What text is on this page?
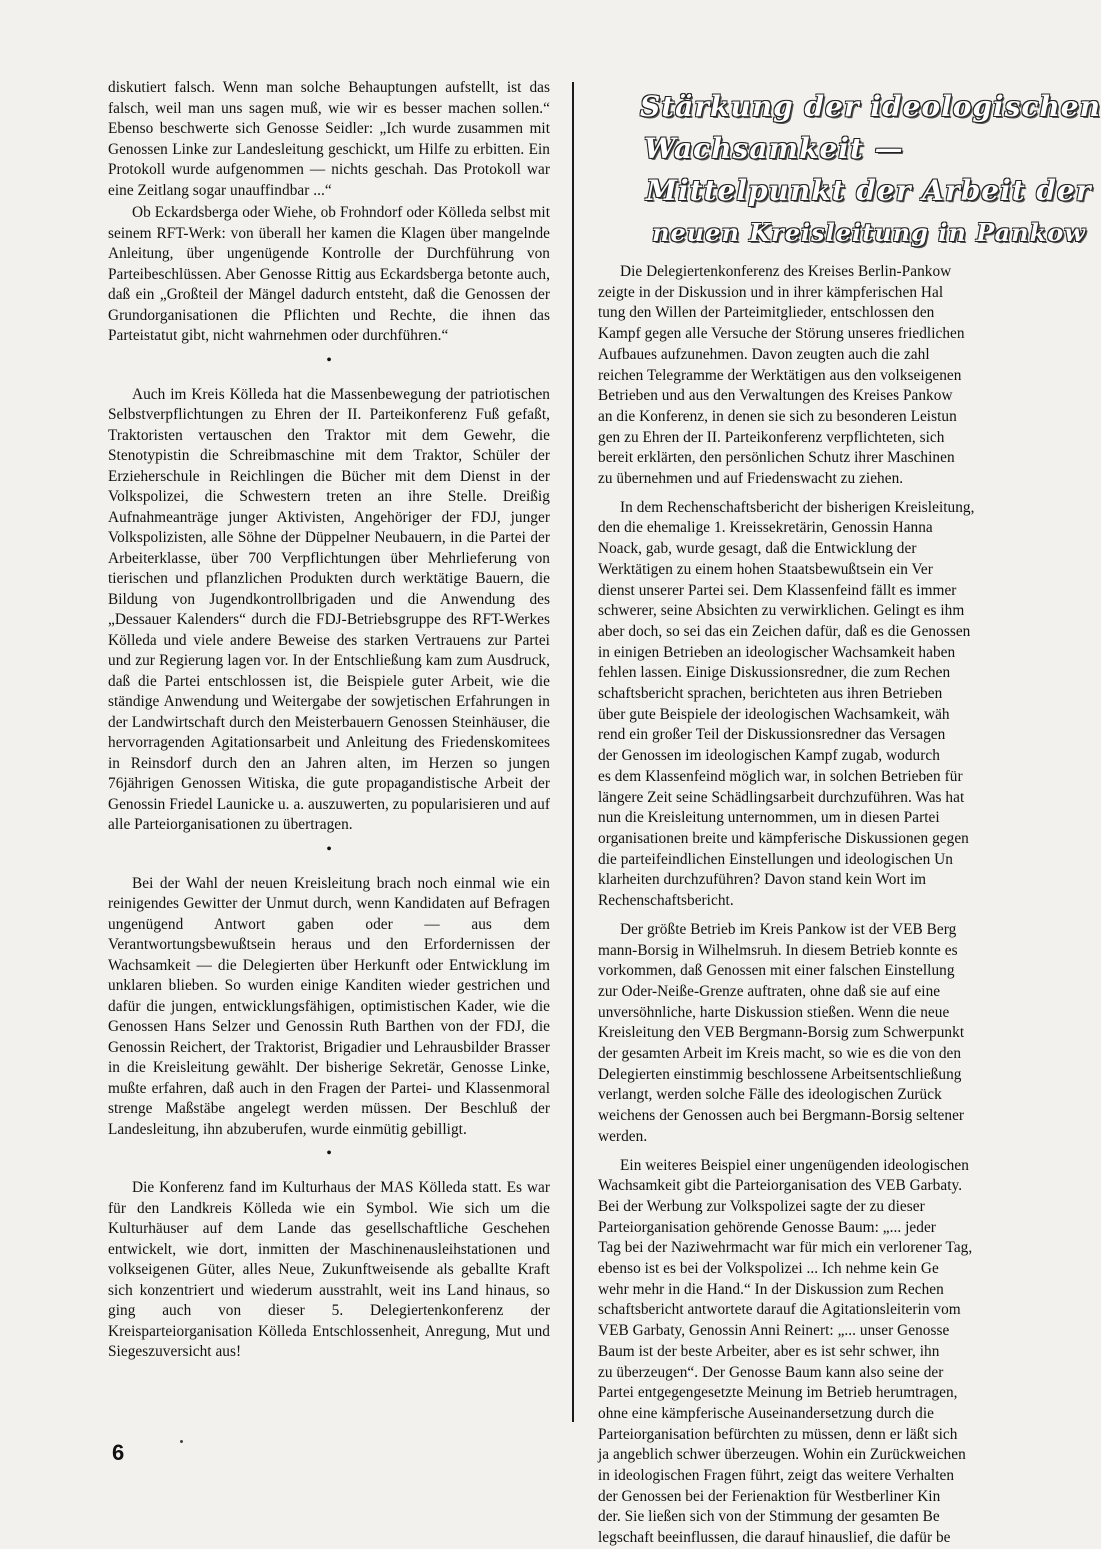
diskutiert falsch. Wenn man solche Behauptungen aufstellt, ist das falsch, weil man uns sagen muß, wie wir es besser machen sollen.“ Ebenso beschwerte sich Genosse Seidler: „Ich wurde zusammen mit Genossen Linke zur Landesleitung geschickt, um Hilfe zu erbitten. Ein Protokoll wurde aufgenommen — nichts geschah. Das Protokoll war eine Zeitlang sogar unauffindbar ...“

Ob Eckardsberga oder Wiehe, ob Frohndorf oder Kölleda selbst mit seinem RFT-Werk: von überall her kamen die Klagen über mangelnde Anleitung, über ungenügende Kontrolle der Durchführung von Parteibeschlüssen. Aber Genosse Rittig aus Eckardsberga betonte auch, daß ein „Großteil der Mängel dadurch entsteht, daß die Genossen der Grundorganisationen die Pflichten und Rechte, die ihnen das Parteistatut gibt, nicht wahrnehmen oder durchführen.“

•

Auch im Kreis Kölleda hat die Massenbewegung der patriotischen Selbstverpflichtungen zu Ehren der II. Parteikonferenz Fuß gefaßt, Traktoristen vertauschen den Traktor mit dem Gewehr, die Stenotypistin die Schreibmaschine mit dem Traktor, Schüler der Erzieherschule in Reichlingen die Bücher mit dem Dienst in der Volkspolizei, die Schwestern treten an ihre Stelle. Dreißig Aufnahmeanträge junger Aktivisten, Angehöriger der FDJ, junger Volkspolizisten, alle Söhne der Düppelner Neubauern, in die Partei der Arbeiterklasse, über 700 Verpflichtungen über Mehrlieferung von tierischen und pflanzlichen Produkten durch werktätige Bauern, die Bildung von Jugendkontrollbrigaden und die Anwendung des „Dessauer Kalenders“ durch die FDJ-Betriebsgruppe des RFT-Werkes Kölleda und viele andere Beweise des starken Vertrauens zur Partei und zur Regierung lagen vor. In der Entschließung kam zum Ausdruck, daß die Partei entschlossen ist, die Beispiele guter Arbeit, wie die ständige Anwendung und Weitergabe der sowjetischen Erfahrungen in der Landwirtschaft durch den Meisterbauern Genossen Steinhäuser, die hervorragenden Agitationsarbeit und Anleitung des Friedenskomitees in Reinsdorf durch den an Jahren alten, im Herzen so jungen 76jährigen Genossen Witiska, die gute propagandistische Arbeit der Genossin Friedel Launicke u. a. auszuwerten, zu popularisieren und auf alle Parteiorganisationen zu übertragen.

•

Bei der Wahl der neuen Kreisleitung brach noch einmal wie ein reinigendes Gewitter der Unmut durch, wenn Kandidaten auf Befragen ungenügend Antwort gaben oder — aus dem Verantwortungsbewußtsein heraus und den Erfordernissen der Wachsamkeit — die Delegierten über Herkunft oder Entwicklung im unklaren blieben. So wurden einige Kanditen wieder gestrichen und dafür die jungen, entwicklungsfähigen, optimistischen Kader, wie die Genossen Hans Selzer und Genossin Ruth Barthen von der FDJ, die Genossin Reichert, der Traktorist, Brigadier und Lehrausbilder Brasser in die Kreisleitung gewählt. Der bisherige Sekretär, Genosse Linke, mußte erfahren, daß auch in den Fragen der Partei- und Klassenmoral strenge Maßstäbe angelegt werden müssen. Der Beschluß der Landesleitung, ihn abzuberufen, wurde einmütig gebilligt.

•

Die Konferenz fand im Kulturhaus der MAS Kölleda statt. Es war für den Landkreis Kölleda wie ein Symbol. Wie sich um die Kulturhäuser auf dem Lande das gesellschaftliche Geschehen entwickelt, wie dort, inmitten der Maschinenausleihstationen und volkseigenen Güter, alles Neue, Zukunftweisende als geballte Kraft sich konzentriert und wiederum ausstrahlt, weit ins Land hinaus, so ging auch von dieser 5. Delegiertenkonferenz der Kreisparteiorganisation Kölleda Entschlossenheit, Anregung, Mut und Siegeszuversicht aus!

Stärkung der ideologischen
Wachsamkeit —
Mittelpunkt der Arbeit der
neuen Kreisleitung in Pankow
Die Delegiertenkonferenz des Kreises Berlin-Pankow
zeigte in der Diskussion und in ihrer kämpferischen Hal
tung den Willen der Parteimitglieder, entschlossen den
Kampf gegen alle Versuche der Störung unseres friedlichen
Aufbaues aufzunehmen. Davon zeugten auch die zahl
reichen Telegramme der Werktätigen aus den volkseigenen
Betrieben und aus den Verwaltungen des Kreises Pankow
an die Konferenz, in denen sie sich zu besonderen Leistun
gen zu Ehren der II. Parteikonferenz verpflichteten, sich
bereit erklärten, den persönlichen Schutz ihrer Maschinen
zu übernehmen und auf Friedenswacht zu ziehen.
In dem Rechenschaftsbericht der bisherigen Kreisleitung,
den die ehemalige 1. Kreissekretärin, Genossin Hanna
Noack, gab, wurde gesagt, daß die Entwicklung der
Werktätigen zu einem hohen Staatsbewußtsein ein Ver
dienst unserer Partei sei. Dem Klassenfeind fällt es immer
schwerer, seine Absichten zu verwirklichen. Gelingt es ihm
aber doch, so sei das ein Zeichen dafür, daß es die Genossen
in einigen Betrieben an ideologischer Wachsamkeit haben
fehlen lassen. Einige Diskussionsredner, die zum Rechen
schaftsbericht sprachen, berichteten aus ihren Betrieben
über gute Beispiele der ideologischen Wachsamkeit, wäh
rend ein großer Teil der Diskussionsredner das Versagen
der Genossen im ideologischen Kampf zugab, wodurch
es dem Klassenfeind möglich war, in solchen Betrieben für
längere Zeit seine Schädlingsarbeit durchzuführen. Was hat
nun die Kreisleitung unternommen, um in diesen Partei
organisationen breite und kämpferische Diskussionen gegen
die parteifeindlichen Einstellungen und ideologischen Un
klarheiten durchzuführen? Davon stand kein Wort im
Rechenschaftsbericht.
Der größte Betrieb im Kreis Pankow ist der VEB Berg
mann-Borsig in Wilhelmsruh. In diesem Betrieb konnte es
vorkommen, daß Genossen mit einer falschen Einstellung
zur Oder-Neiße-Grenze auftraten, ohne daß sie auf eine
unversöhnliche, harte Diskussion stießen. Wenn die neue
Kreisleitung den VEB Bergmann-Borsig zum Schwerpunkt
der gesamten Arbeit im Kreis macht, so wie es die von den
Delegierten einstimmig beschlossene Arbeitsentschließung
verlangt, werden solche Fälle des ideologischen Zurück
weichens der Genossen auch bei Bergmann-Borsig seltener
werden.
Ein weiteres Beispiel einer ungenügenden ideologischen
Wachsamkeit gibt die Parteiorganisation des VEB Garbaty.
Bei der Werbung zur Volkspolizei sagte der zu dieser
Parteiorganisation gehörende Genosse Baum: „... jeder
Tag bei der Naziwehrmacht war für mich ein verlorener Tag,
ebenso ist es bei der Volkspolizei ... Ich nehme kein Ge
wehr mehr in die Hand.“ In der Diskussion zum Rechen
schaftsbericht antwortete darauf die Agitationsleiterin vom
VEB Garbaty, Genossin Anni Reinert: „... unser Genosse
Baum ist der beste Arbeiter, aber es ist sehr schwer, ihn
zu überzeugen“. Der Genosse Baum kann also seine der
Partei entgegengesetzte Meinung im Betrieb herumtragen,
ohne eine kämpferische Auseinandersetzung durch die
Parteiorganisation befürchten zu müssen, denn er läßt sich
ja angeblich schwer überzeugen. Wohin ein Zurückweichen
in ideologischen Fragen führt, zeigt das weitere Verhalten
der Genossen bei der Ferienaktion für Westberliner Kin
der. Sie ließen sich von der Stimmung der gesamten Be
legschaft beeinflussen, die darauf hinauslief, die dafür be
6
